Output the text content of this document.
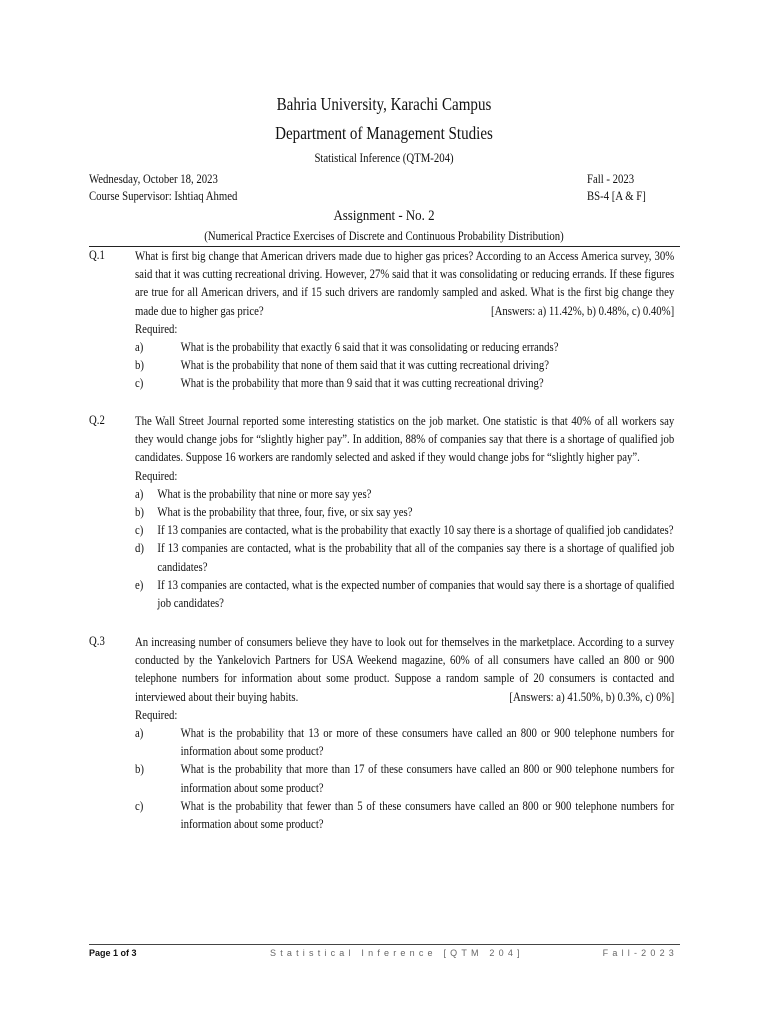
Bahria University, Karachi Campus
Department of Management Studies
Statistical Inference (QTM-204)
Wednesday, October 18, 2023
Course Supervisor: Ishtiaq Ahmed
Fall - 2023
BS-4 [A & F]
Assignment - No. 2
(Numerical Practice Exercises of Discrete and Continuous Probability Distribution)
Q.1 What is first big change that American drivers made due to higher gas prices? According to an Access America survey, 30% said that it was cutting recreational driving. However, 27% said that it was consolidating or reducing errands. If these figures are true for all American drivers, and if 15 such drivers are randomly sampled and asked. What is the first big change they made due to higher gas price?	[Answers: a) 11.42%, b) 0.48%, c) 0.40%]

Required:

a)	What is the probability that exactly 6 said that it was consolidating or reducing errands?
b)	What is the probability that none of them said that it was cutting recreational driving?
c)	What is the probability that more than 9 said that it was cutting recreational driving?
Q.2 The Wall Street Journal reported some interesting statistics on the job market. One statistic is that 40% of all workers say they would change jobs for “slightly higher pay”. In addition, 88% of companies say that there is a shortage of qualified job candidates. Suppose 16 workers are randomly selected and asked if they would change jobs for “slightly higher pay”.

Required:

a)	What is the probability that nine or more say yes?
b)	What is the probability that three, four, five, or six say yes?
c)	If 13 companies are contacted, what is the probability that exactly 10 say there is a shortage of qualified job candidates?
d)	If 13 companies are contacted, what is the probability that all of the companies say there is a shortage of qualified job candidates?
e)	If 13 companies are contacted, what is the expected number of companies that would say there is a shortage of qualified job candidates?
Q.3 An increasing number of consumers believe they have to look out for themselves in the marketplace. According to a survey conducted by the Yankelovich Partners for USA Weekend magazine, 60% of all consumers have called an 800 or 900 telephone numbers for information about some product. Suppose a random sample of 20 consumers is contacted and interviewed about their buying habits.	[Answers: a) 41.50%, b) 0.3%, c) 0%]

Required:

a)	What is the probability that 13 or more of these consumers have called an 800 or 900 telephone numbers for information about some product?
b)	What is the probability that more than 17 of these consumers have called an 800 or 900 telephone numbers for information about some product?
c)	What is the probability that fewer than 5 of these consumers have called an 800 or 900 telephone numbers for information about some product?
Page 1 of 3	Statistical Inference [QTM 204]	Fall-2023
